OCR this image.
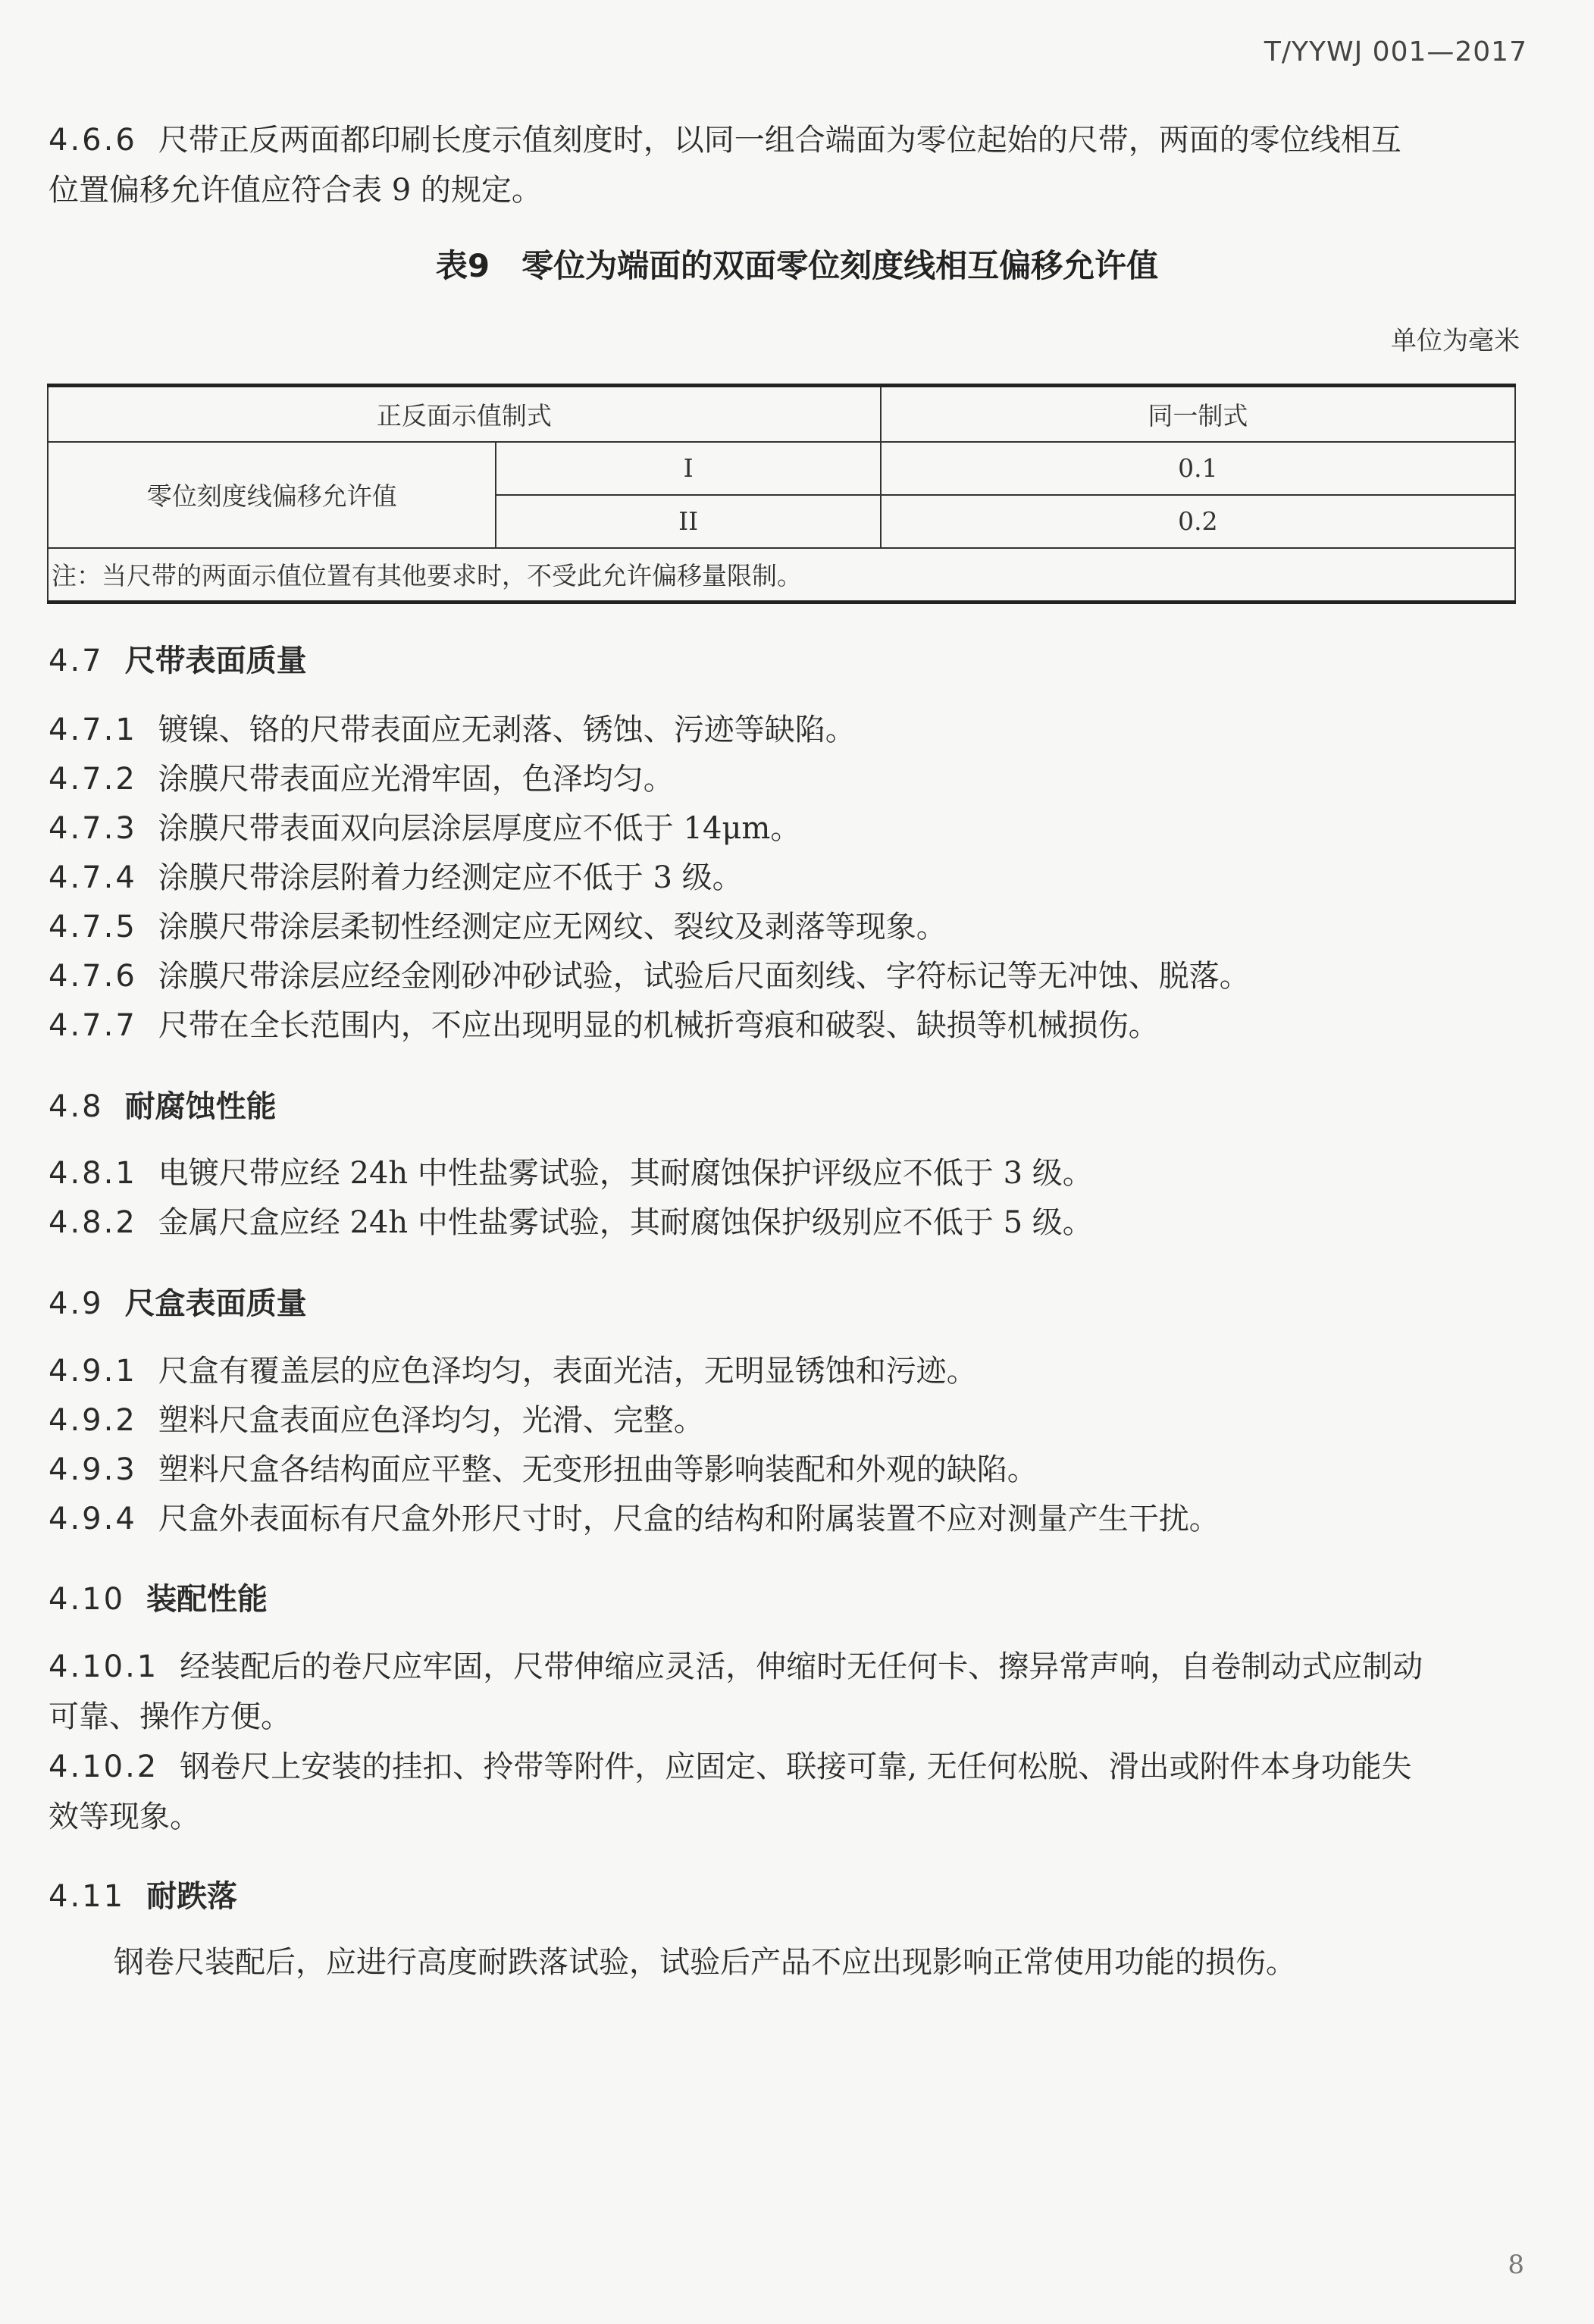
T/YYWJ 001—2017
4.6.6 尺带正反两面都印刷长度示值刻度时，以同一组合端面为零位起始的尺带，两面的零位线相互
位置偏移允许值应符合表 9 的规定。
表9　零位为端面的双面零位刻度线相互偏移允许值
单位为毫米
正反面示值制式		同一制式
零位刻度线偏移允许值	I	0.1
	II	0.2
注：当尺带的两面示值位置有其他要求时，不受此允许偏移量限制。		
4.7 尺带表面质量
4.7.1 镀镍、铬的尺带表面应无剥落、锈蚀、污迹等缺陷。
4.7.2 涂膜尺带表面应光滑牢固，色泽均匀。
4.7.3 涂膜尺带表面双向层涂层厚度应不低于 14μm。
4.7.4 涂膜尺带涂层附着力经测定应不低于 3 级。
4.7.5 涂膜尺带涂层柔韧性经测定应无网纹、裂纹及剥落等现象。
4.7.6 涂膜尺带涂层应经金刚砂冲砂试验，试验后尺面刻线、字符标记等无冲蚀、脱落。
4.7.7 尺带在全长范围内，不应出现明显的机械折弯痕和破裂、缺损等机械损伤。
4.8 耐腐蚀性能
4.8.1 电镀尺带应经 24h 中性盐雾试验，其耐腐蚀保护评级应不低于 3 级。
4.8.2 金属尺盒应经 24h 中性盐雾试验，其耐腐蚀保护级别应不低于 5 级。
4.9 尺盒表面质量
4.9.1 尺盒有覆盖层的应色泽均匀，表面光洁，无明显锈蚀和污迹。
4.9.2 塑料尺盒表面应色泽均匀，光滑、完整。
4.9.3 塑料尺盒各结构面应平整、无变形扭曲等影响装配和外观的缺陷。
4.9.4 尺盒外表面标有尺盒外形尺寸时，尺盒的结构和附属装置不应对测量产生干扰。
4.10 装配性能
4.10.1 经装配后的卷尺应牢固，尺带伸缩应灵活，伸缩时无任何卡、擦异常声响，自卷制动式应制动
可靠、操作方便。
4.10.2 钢卷尺上安装的挂扣、拎带等附件，应固定、联接可靠, 无任何松脱、滑出或附件本身功能失
效等现象。
4.11 耐跌落
钢卷尺装配后，应进行高度耐跌落试验，试验后产品不应出现影响正常使用功能的损伤。
8
